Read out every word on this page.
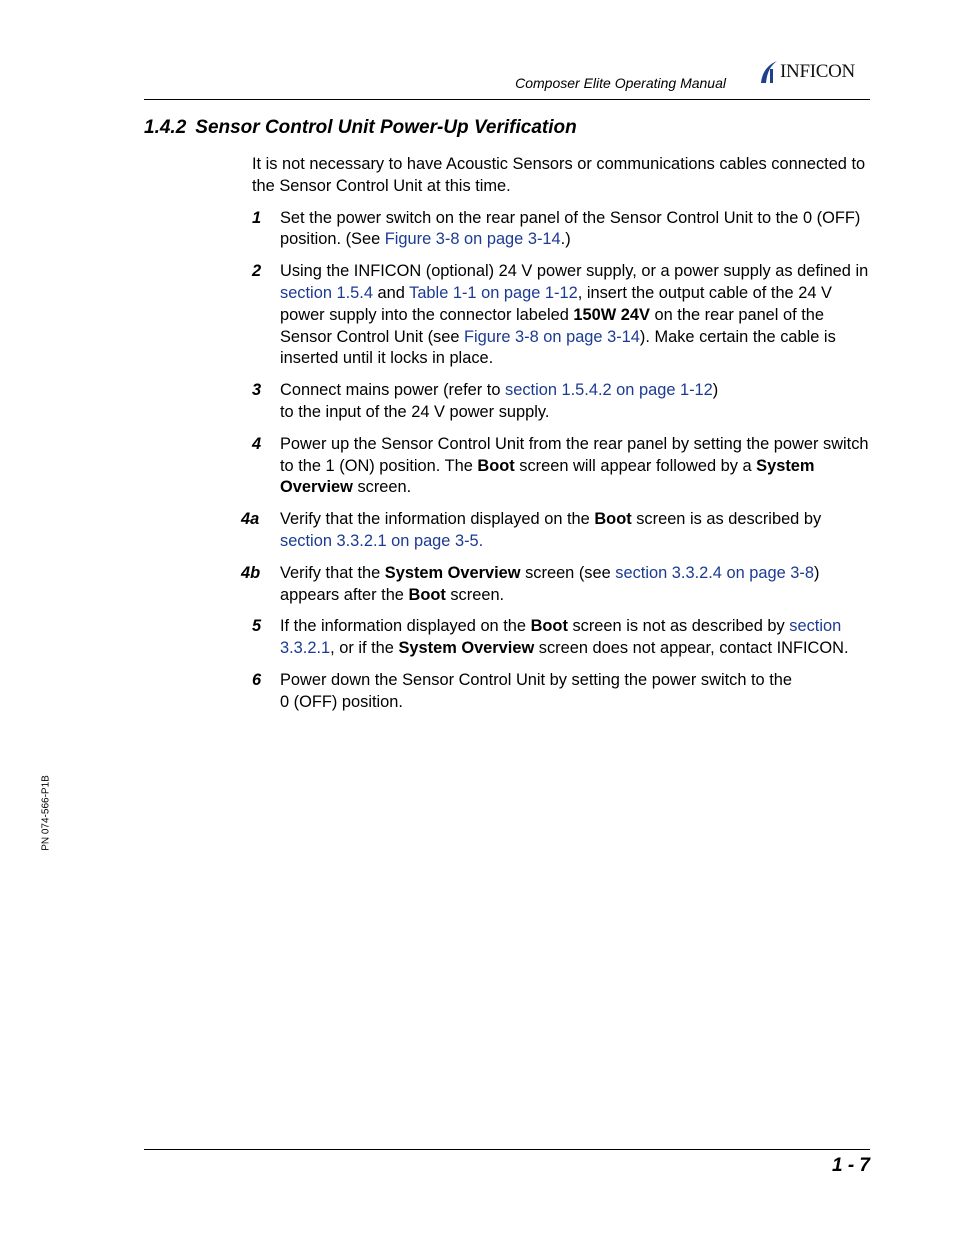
Composer Elite Operating Manual
INFICON
1.4.2 Sensor Control Unit Power-Up Verification

It is not necessary to have Acoustic Sensors or communications cables connected to the Sensor Control Unit at this time.

1	Set the power switch on the rear panel of the Sensor Control Unit to the 0 (OFF) position. (See Figure 3-8 on page 3-14.)
2	Using the INFICON (optional) 24 V power supply, or a power supply as defined in section 1.5.4 and Table 1-1 on page 1-12, insert the output cable of the 24 V power supply into the connector labeled 150W 24V on the rear panel of the Sensor Control Unit (see Figure 3-8 on page 3-14). Make certain the cable is inserted until it locks in place.
3	Connect mains power (refer to section 1.5.4.2 on page 1-12)
to the input of the 24 V power supply.
4	Power up the Sensor Control Unit from the rear panel by setting the power switch to the 1 (ON) position. The Boot screen will appear followed by a System Overview screen.
4a	Verify that the information displayed on the Boot screen is as described by section 3.3.2.1 on page 3-5.
4b	Verify that the System Overview screen (see section 3.3.2.4 on page 3-8) appears after the Boot screen.
5	If the information displayed on the Boot screen is not as described by section 3.3.2.1, or if the System Overview screen does not appear, contact INFICON.
6	Power down the Sensor Control Unit by setting the power switch to the
0 (OFF) position.
PN 074-566-P1B
1 - 7
